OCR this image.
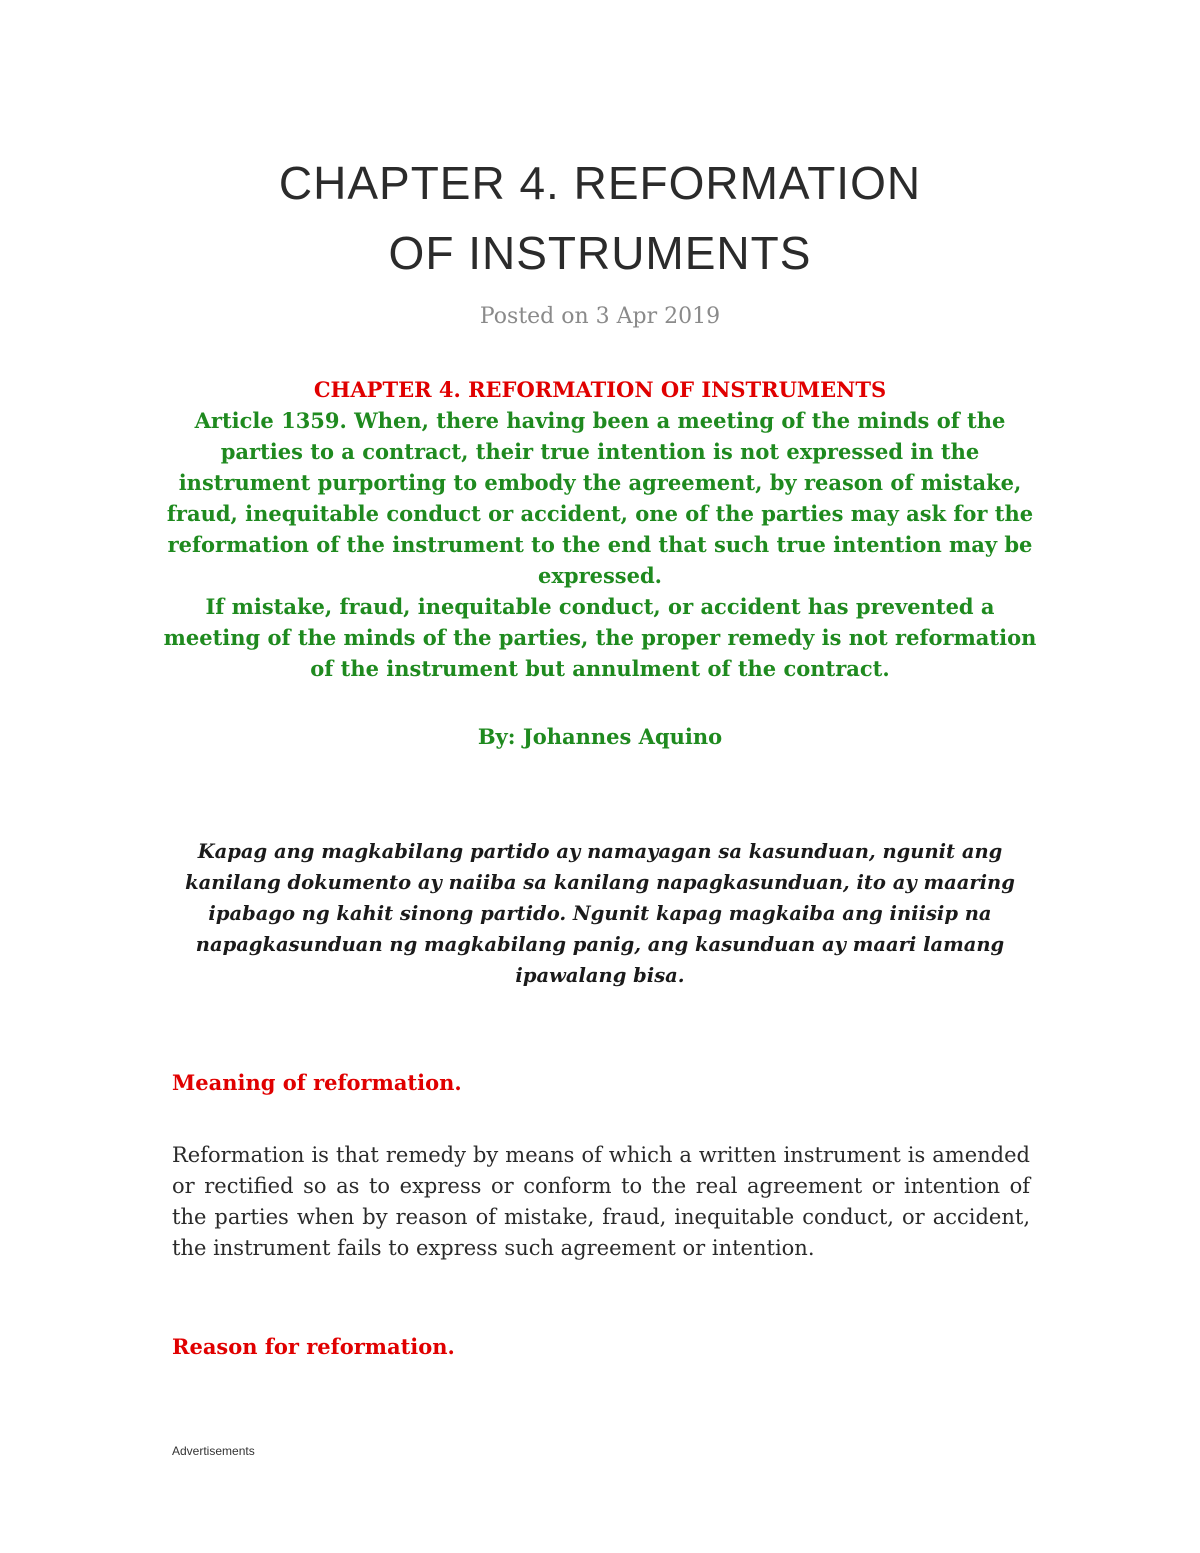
CHAPTER 4. REFORMATION
OF INSTRUMENTS
Posted on 3 Apr 2019
CHAPTER 4. REFORMATION OF INSTRUMENTS
Article 1359. When, there having been a meeting of the minds of the parties to a contract, their true intention is not expressed in the instrument purporting to embody the agreement, by reason of mistake, fraud, inequitable conduct or accident, one of the parties may ask for the reformation of the instrument to the end that such true intention may be expressed.
If mistake, fraud, inequitable conduct, or accident has prevented a meeting of the minds of the parties, the proper remedy is not reformation of the instrument but annulment of the contract.
By: Johannes Aquino
Kapag ang magkabilang partido ay namayagan sa kasunduan, ngunit ang kanilang dokumento ay naiiba sa kanilang napagkasunduan, ito ay maaring ipabago ng kahit sinong partido. Ngunit kapag magkaiba ang iniisip na napagkasunduan ng magkabilang panig, ang kasunduan ay maari lamang ipawalang bisa.
Meaning of reformation.
Reformation is that remedy by means of which a written instrument is amended or rectified so as to express or conform to the real agreement or intention of the parties when by reason of mistake, fraud, inequitable conduct, or accident, the instrument fails to express such agreement or intention.
Reason for reformation.
Advertisements
